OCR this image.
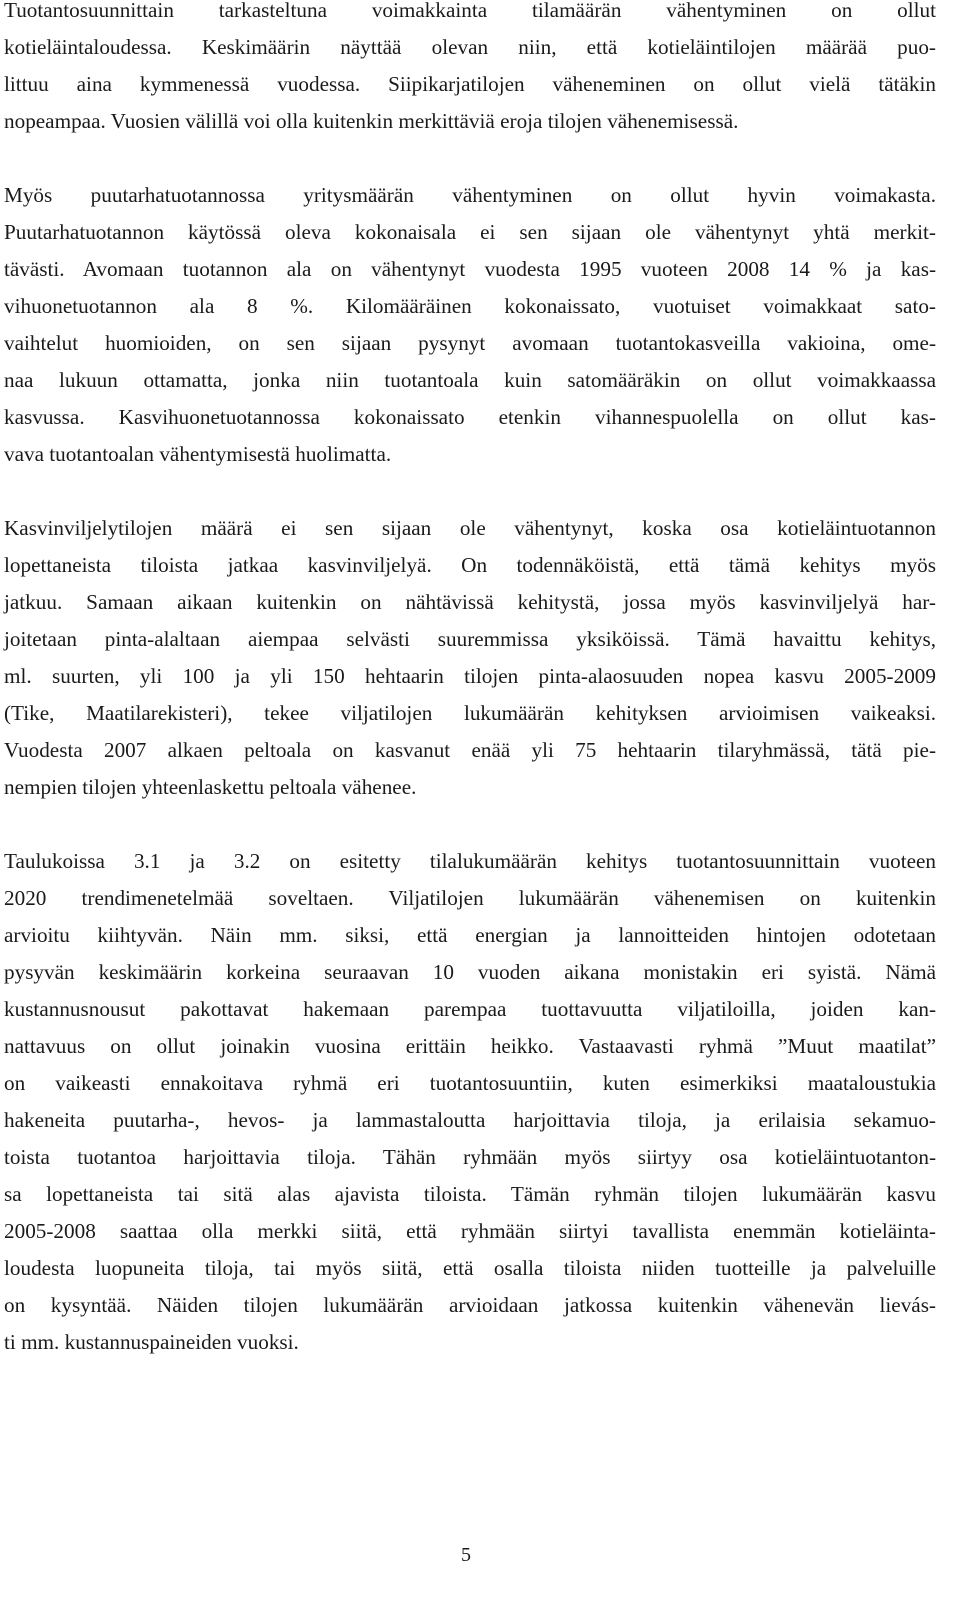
Tuotantosuunnittain tarkasteltuna voimakkainta tilamäärän vähentyminen on ollut
kotieläintaloudessa. Keskimäärin näyttää olevan niin, että kotieläintilojen määrää puo-
littuu aina kymmenessä vuodessa. Siipikarjatilojen väheneminen on ollut vielä tätäkin
nopeampaa. Vuosien välillä voi olla kuitenkin merkittäviä eroja tilojen vähenemisessä.
Myös puutarhatuotannossa yritysmäärän vähentyminen on ollut hyvin voimakasta.
Puutarhatuotannon käytössä oleva kokonaisala ei sen sijaan ole vähentynyt yhtä merkit-
tävästi. Avomaan tuotannon ala on vähentynyt vuodesta 1995 vuoteen 2008 14 % ja kas-
vihuonetuotannon ala 8 %. Kilomääräinen kokonaissato, vuotuiset voimakkaat sato-
vaihtelut huomioiden, on sen sijaan pysynyt avomaan tuotantokasveilla vakioina, ome-
naa lukuun ottamatta, jonka niin tuotantoala kuin satomääräkin on ollut voimakkaassa
kasvussa. Kasvihuonetuotannossa kokonaissato etenkin vihannespuolella on ollut kas-
vava tuotantoalan vähentymisestä huolimatta.
Kasvinviljelytilojen määrä ei sen sijaan ole vähentynyt, koska osa kotieläintuotannon
lopettaneista tiloista jatkaa kasvinviljelyä. On todennäköistä, että tämä kehitys myös
jatkuu. Samaan aikaan kuitenkin on nähtävissä kehitystä, jossa myös kasvinviljelyä har-
joitetaan pinta-alaltaan aiempaa selvästi suuremmissa yksiköissä. Tämä havaittu kehitys,
ml. suurten, yli 100 ja yli 150 hehtaarin tilojen pinta-alaosuuden nopea kasvu 2005-2009
(Tike, Maatilarekisteri), tekee viljatilojen lukumäärän kehityksen arvioimisen vaikeaksi.
Vuodesta 2007 alkaen peltoala on kasvanut enää yli 75 hehtaarin tilaryhmässä, tätä pie-
nempien tilojen yhteenlaskettu peltoala vähenee.
Taulukoissa 3.1 ja 3.2 on esitetty tilalukumäärän kehitys tuotantosuunnittain vuoteen
2020 trendimenetelmää soveltaen. Viljatilojen lukumäärän vähenemisen on kuitenkin
arvioitu kiihtyvän. Näin mm. siksi, että energian ja lannoitteiden hintojen odotetaan
pysyvän keskimäärin korkeina seuraavan 10 vuoden aikana monistakin eri syistä. Nämä
kustannusnousut pakottavat hakemaan parempaa tuottavuutta viljatiloilla, joiden kan-
nattavuus on ollut joinakin vuosina erittäin heikko. Vastaavasti ryhmä ”Muut maatilat”
on vaikeasti ennakoitava ryhmä eri tuotantosuuntiin, kuten esimerkiksi maataloustukia
hakeneita puutarha-, hevos- ja lammastaloutta harjoittavia tiloja, ja erilaisia sekamuo-
toista tuotantoa harjoittavia tiloja. Tähän ryhmään myös siirtyy osa kotieläintuotanton-
sa lopettaneista tai sitä alas ajavista tiloista. Tämän ryhmän tilojen lukumäärän kasvu
2005-2008 saattaa olla merkki siitä, että ryhmään siirtyi tavallista enemmän kotieläinta-
loudesta luopuneita tiloja, tai myös siitä, että osalla tiloista niiden tuotteille ja palveluille
on kysyntää. Näiden tilojen lukumäärän arvioidaan jatkossa kuitenkin vähenevän lievás-
ti mm. kustannuspaineiden vuoksi.
5
